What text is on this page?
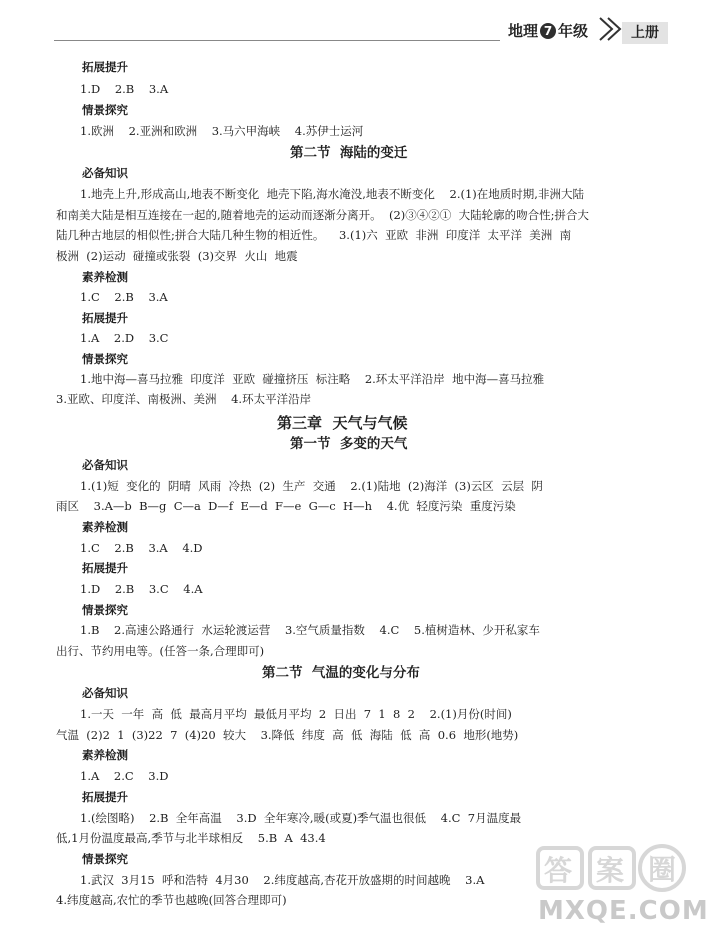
地理 7 年级	上册
拓展提升
1.D    2.B    3.A
情景探究
1.欧洲    2.亚洲和欧洲    3.马六甲海峡    4.苏伊士运河
第二节  海陆的变迁
必备知识
1.地壳上升,形成高山,地表不断变化  地壳下陷,海水淹没,地表不断变化    2.(1)在地质时期,非洲大陆
和南美大陆是相互连接在一起的,随着地壳的运动而逐渐分离开。  (2)③④②①  大陆轮廓的吻合性;拼合大
陆几种古地层的相似性;拼合大陆几种生物的相近性。    3.(1)六  亚欧  非洲  印度洋  太平洋  美洲  南
极洲  (2)运动  碰撞或张裂  (3)交界  火山  地震
素养检测
1.C    2.B    3.A
拓展提升
1.A    2.D    3.C
情景探究
1.地中海—喜马拉雅  印度洋  亚欧  碰撞挤压  标注略    2.环太平洋沿岸  地中海—喜马拉雅
3.亚欧、印度洋、南极洲、美洲    4.环太平洋沿岸
第三章  天气与气候
第一节  多变的天气
必备知识
1.(1)短  变化的  阴晴  风雨  冷热  (2)  生产  交通    2.(1)陆地  (2)海洋  (3)云区  云层  阴
雨区    3.A—b  B—g  C—a  D—f  E—d  F—e  G—c  H—h    4.优  轻度污染  重度污染
素养检测
1.C    2.B    3.A    4.D
拓展提升
1.D    2.B    3.C    4.A
情景探究
1.B    2.高速公路通行  水运轮渡运营    3.空气质量指数    4.C    5.植树造林、少开私家车
出行、节约用电等。(任答一条,合理即可)
第二节  气温的变化与分布
必备知识
1.一天  一年  高  低  最高月平均  最低月平均  2  日出  7  1  8  2    2.(1)月份(时间)
气温  (2)2  1  (3)22  7  (4)20  较大    3.降低  纬度  高  低  海陆  低  高  0.6  地形(地势)
素养检测
1.A    2.C    3.D
拓展提升
1.(绘图略)    2.B  全年高温    3.D  全年寒冷,暖(或夏)季气温也很低    4.C  7月温度最
低,1月份温度最高,季节与北半球相反    5.B  A  43.4
情景探究
1.武汉  3月15  呼和浩特  4月30    2.纬度越高,杏花开放盛期的时间越晚    3.A
4.纬度越高,农忙的季节也越晚(回答合理即可)
答 案 圈
MXQE.COM
